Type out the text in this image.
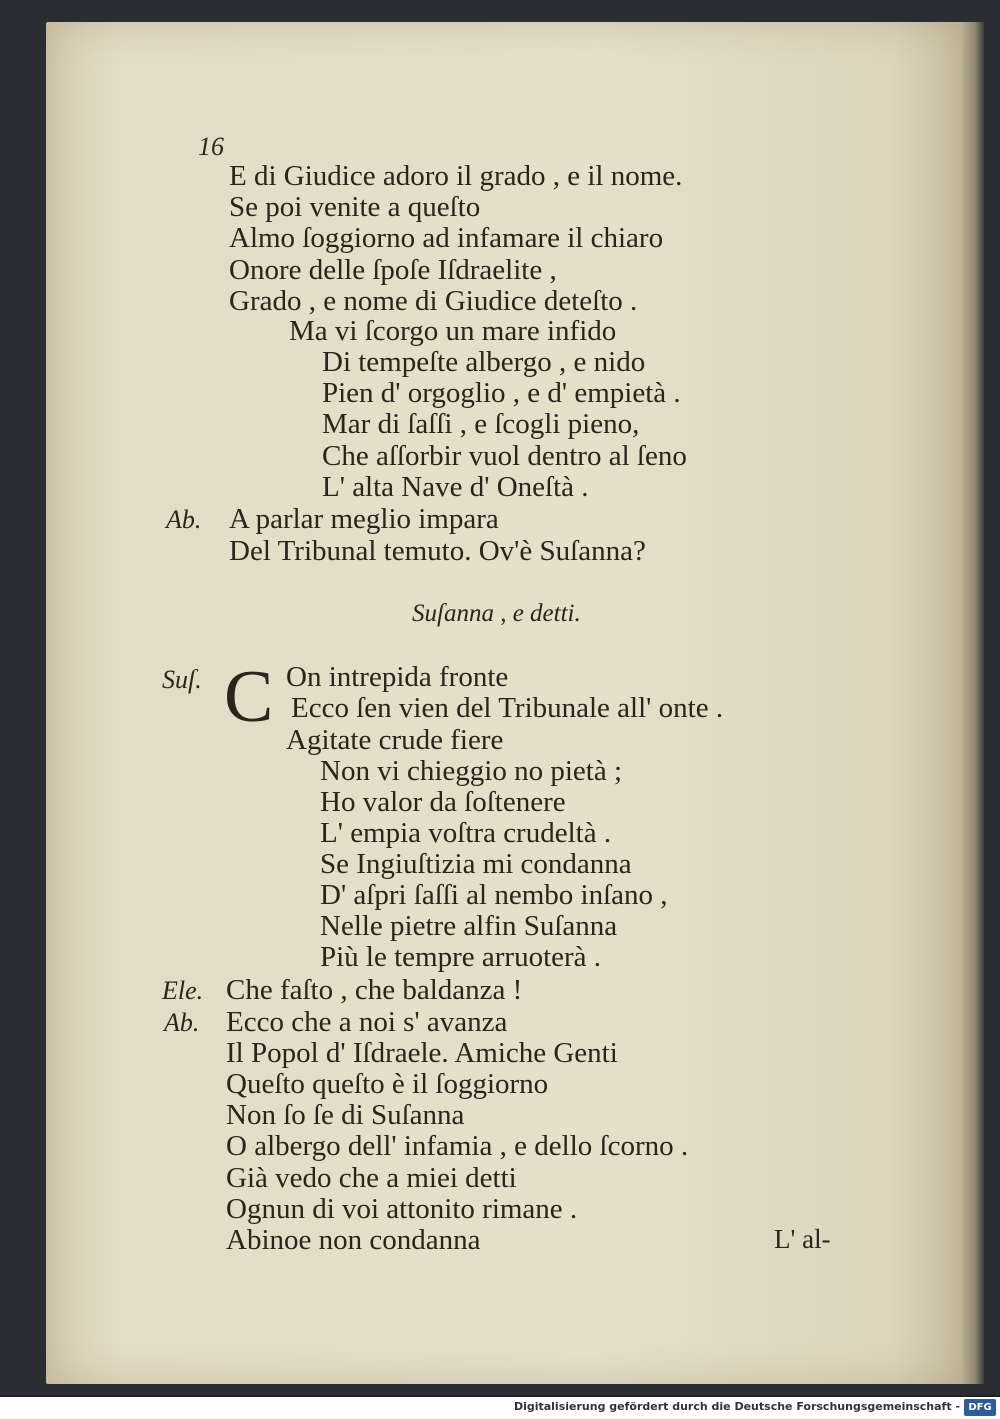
16
E di Giudice adoro il grado , e il nome.
Se poi venite a queſto
Almo ſoggiorno ad infamare il chiaro
Onore delle ſpoſe Iſdraelite ,
Grado , e nome di Giudice deteſto .
Ma vi ſcorgo un mare infido
Di tempeſte albergo , e nido
Pien d' orgoglio , e d' empietà .
Mar di ſaſſi , e ſcogli pieno,
Che aſſorbir vuol dentro al ſeno
L' alta Nave d' Oneſtà .
Ab. A parlar meglio impara
Del Tribunal temuto. Ov'è Suſanna?
Suſanna , e detti.
Suſ. C On intrepida fronte
Ecco ſen vien del Tribunale all' onte .
Agitate crude fiere
Non vi chieggio no pietà ;
Ho valor da ſoſtenere
L' empia voſtra crudeltà .
Se Ingiuſtizia mi condanna
D' aſpri ſaſſi al nembo inſano ,
Nelle pietre alfin Suſanna
Più le tempre arruoterà .
Ele. Che faſto , che baldanza !
Ab. Ecco che a noi s' avanza
Il Popol d' Iſdraele. Amiche Genti
Queſto queſto è il ſoggiorno
Non ſo ſe di Suſanna
O albergo dell' infamia , e dello ſcorno .
Già vedo che a miei detti
Ognun di voi attonito rimane .
Abinoe non condanna	L' al-
Digitalisierung gefördert durch die Deutsche Forschungsgemeinschaft - DFG
